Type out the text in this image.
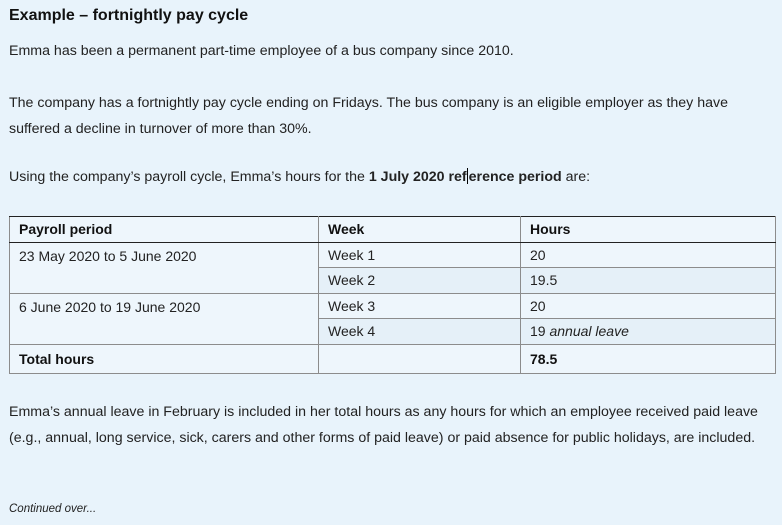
Example – fortnightly pay cycle
Emma has been a permanent part-time employee of a bus company since 2010.
The company has a fortnightly pay cycle ending on Fridays. The bus company is an eligible employer as they have suffered a decline in turnover of more than 30%.
Using the company’s payroll cycle, Emma’s hours for the 1 July 2020 ref erence period are:
Payroll period	Week	Hours
23 May 2020 to 5 June 2020	Week 1	20
	Week 2	19.5
6 June 2020 to 19 June 2020	Week 3	20
	Week 4	19 annual leave
Total hours		78.5
Emma’s annual leave in February is included in her total hours as any hours for which an employee received paid leave (e.g., annual, long service, sick, carers and other forms of paid leave) or paid absence for public holidays, are included.
Continued over...
